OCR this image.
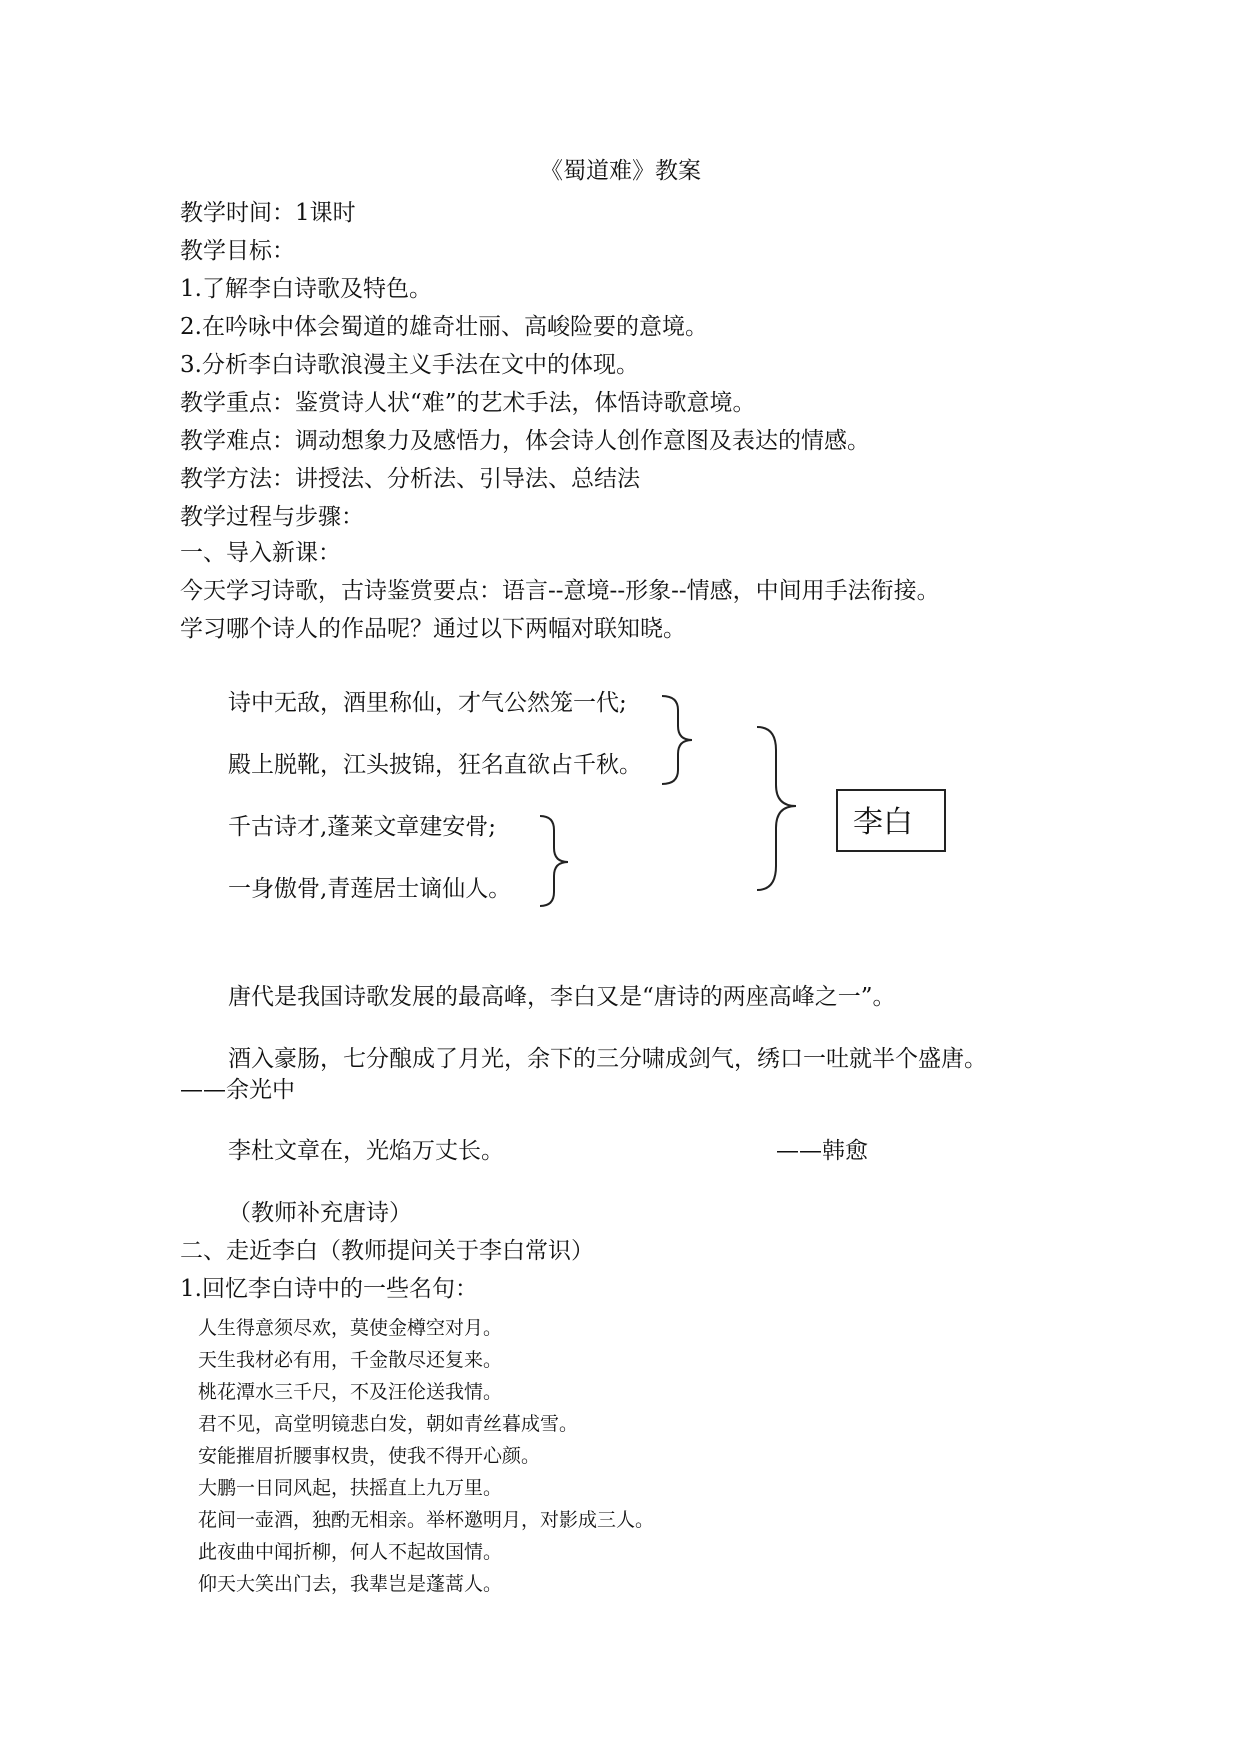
《蜀道难》教案
教学时间：1课时
教学目标：
1.了解李白诗歌及特色。
2.在吟咏中体会蜀道的雄奇壮丽、高峻险要的意境。
3.分析李白诗歌浪漫主义手法在文中的体现。
教学重点：鉴赏诗人状“难”的艺术手法，体悟诗歌意境。
教学难点：调动想象力及感悟力，体会诗人创作意图及表达的情感。
教学方法：讲授法、分析法、引导法、总结法
教学过程与步骤：
一、导入新课：
今天学习诗歌，古诗鉴赏要点：语言--意境--形象--情感，中间用手法衔接。
学习哪个诗人的作品呢？通过以下两幅对联知晓。
诗中无敌，酒里称仙，才气公然笼一代;
殿上脱靴，江头披锦，狂名直欲占千秋。
千古诗才,蓬莱文章建安骨;
一身傲骨,青莲居士谪仙人。
李白
唐代是我国诗歌发展的最高峰，李白又是“唐诗的两座高峰之一”。
酒入豪肠，七分酿成了月光，余下的三分啸成剑气，绣口一吐就半个盛唐。
——余光中
李杜文章在，光焰万丈长。	——韩愈
（教师补充唐诗）
二、走近李白（教师提问关于李白常识）
1.回忆李白诗中的一些名句：
人生得意须尽欢，莫使金樽空对月。
天生我材必有用，千金散尽还复来。
桃花潭水三千尺，不及汪伦送我情。
君不见，高堂明镜悲白发，朝如青丝暮成雪。
安能摧眉折腰事权贵，使我不得开心颜。
大鹏一日同风起，扶摇直上九万里。
花间一壶酒，独酌无相亲。举杯邀明月，对影成三人。
此夜曲中闻折柳，何人不起故国情。
仰天大笑出门去，我辈岂是蓬蒿人。
